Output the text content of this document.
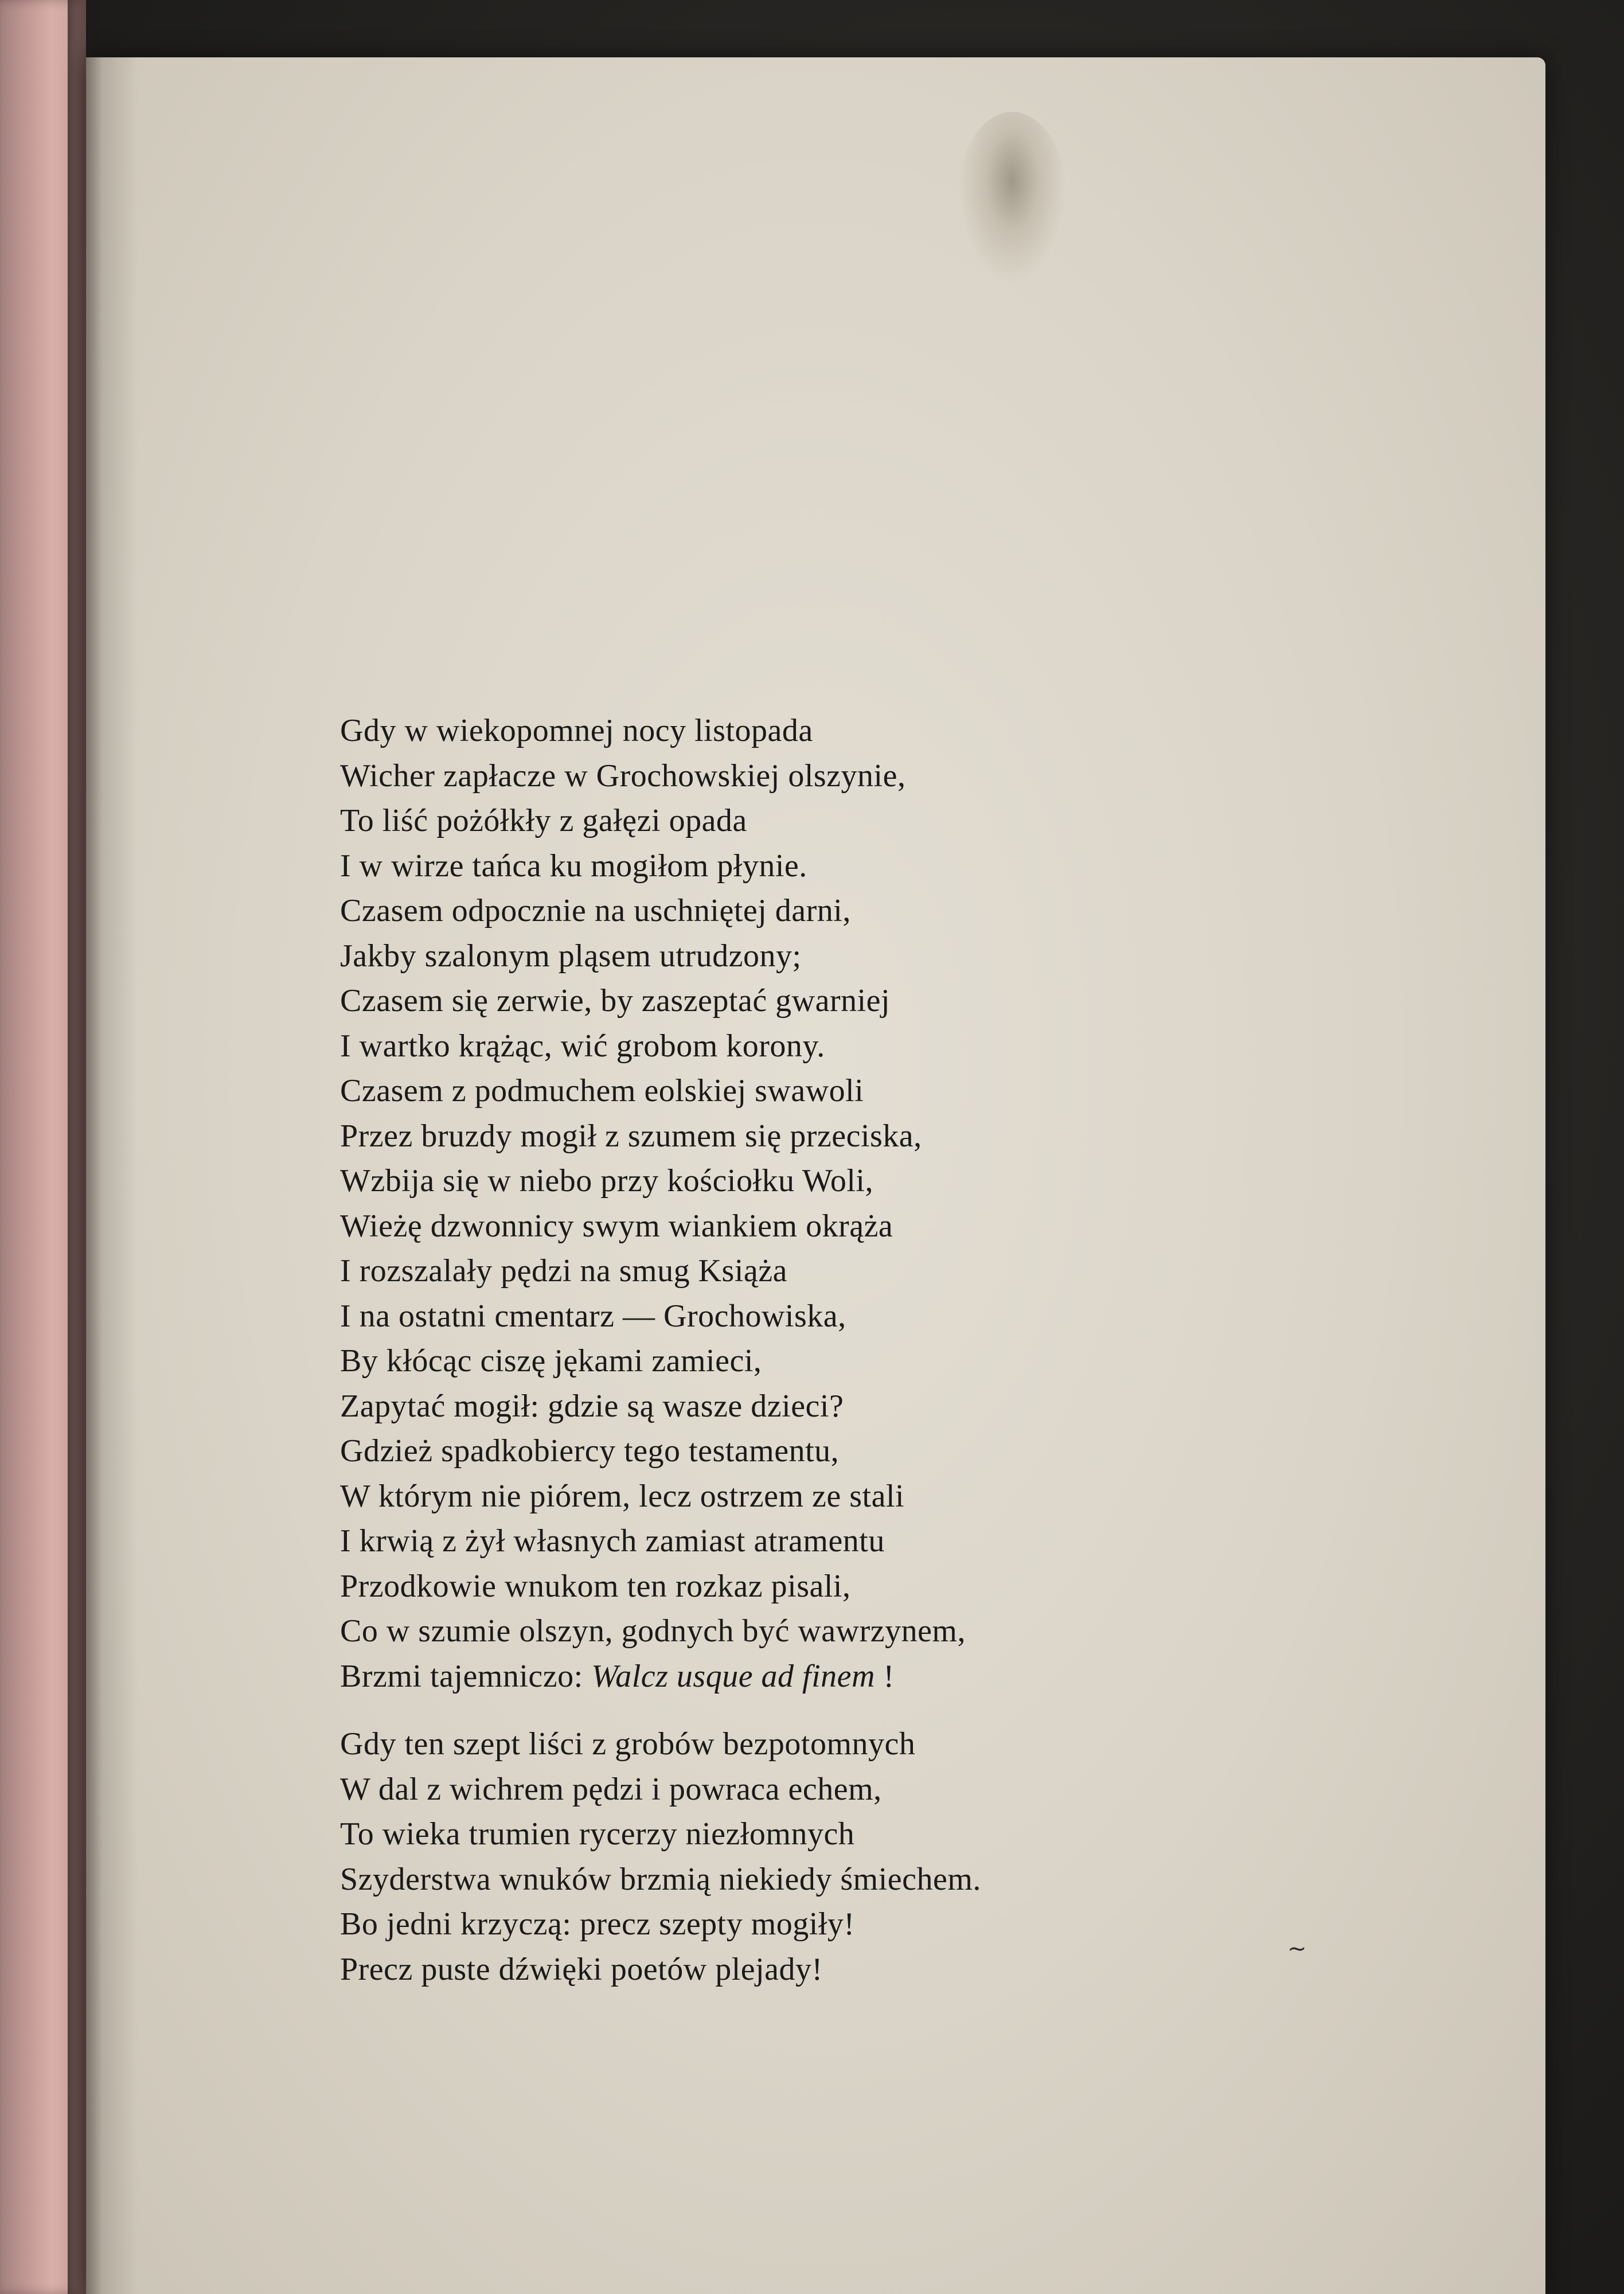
Gdy w wiekopomnej nocy listopada
Wicher zapłacze w Grochowskiej olszynie,
To liść pożółkły z gałęzi opada
I w wirze tańca ku mogiłom płynie.
Czasem odpocznie na uschniętej darni,
Jakby szalonym pląsem utrudzony;
Czasem się zerwie, by zaszeptać gwarniej
I wartko krążąc, wić grobom korony.
Czasem z podmuchem eolskiej swawoli
Przez bruzdy mogił z szumem się przeciska,
Wzbija się w niebo przy kościołku Woli,
Wieżę dzwonnicy swym wiankiem okrąża
I rozszalały pędzi na smug Książa
I na ostatni cmentarz — Grochowiska,
By kłócąc ciszę jękami zamieci,
Zapytać mogił: gdzie są wasze dzieci?
Gdzież spadkobiercy tego testamentu,
W którym nie piórem, lecz ostrzem ze stali
I krwią z żył własnych zamiast atramentu
Przodkowie wnukom ten rozkaz pisali,
Co w szumie olszyn, godnych być wawrzynem,
Brzmi tajemniczo: Walcz usque ad finem !
Gdy ten szept liści z grobów bezpotomnych
W dal z wichrem pędzi i powraca echem,
To wieka trumien rycerzy niezłomnych
Szyderstwa wnuków brzmią niekiedy śmiechem.
Bo jedni krzyczą: precz szepty mogiły!
Precz puste dźwięki poetów plejady!
~
